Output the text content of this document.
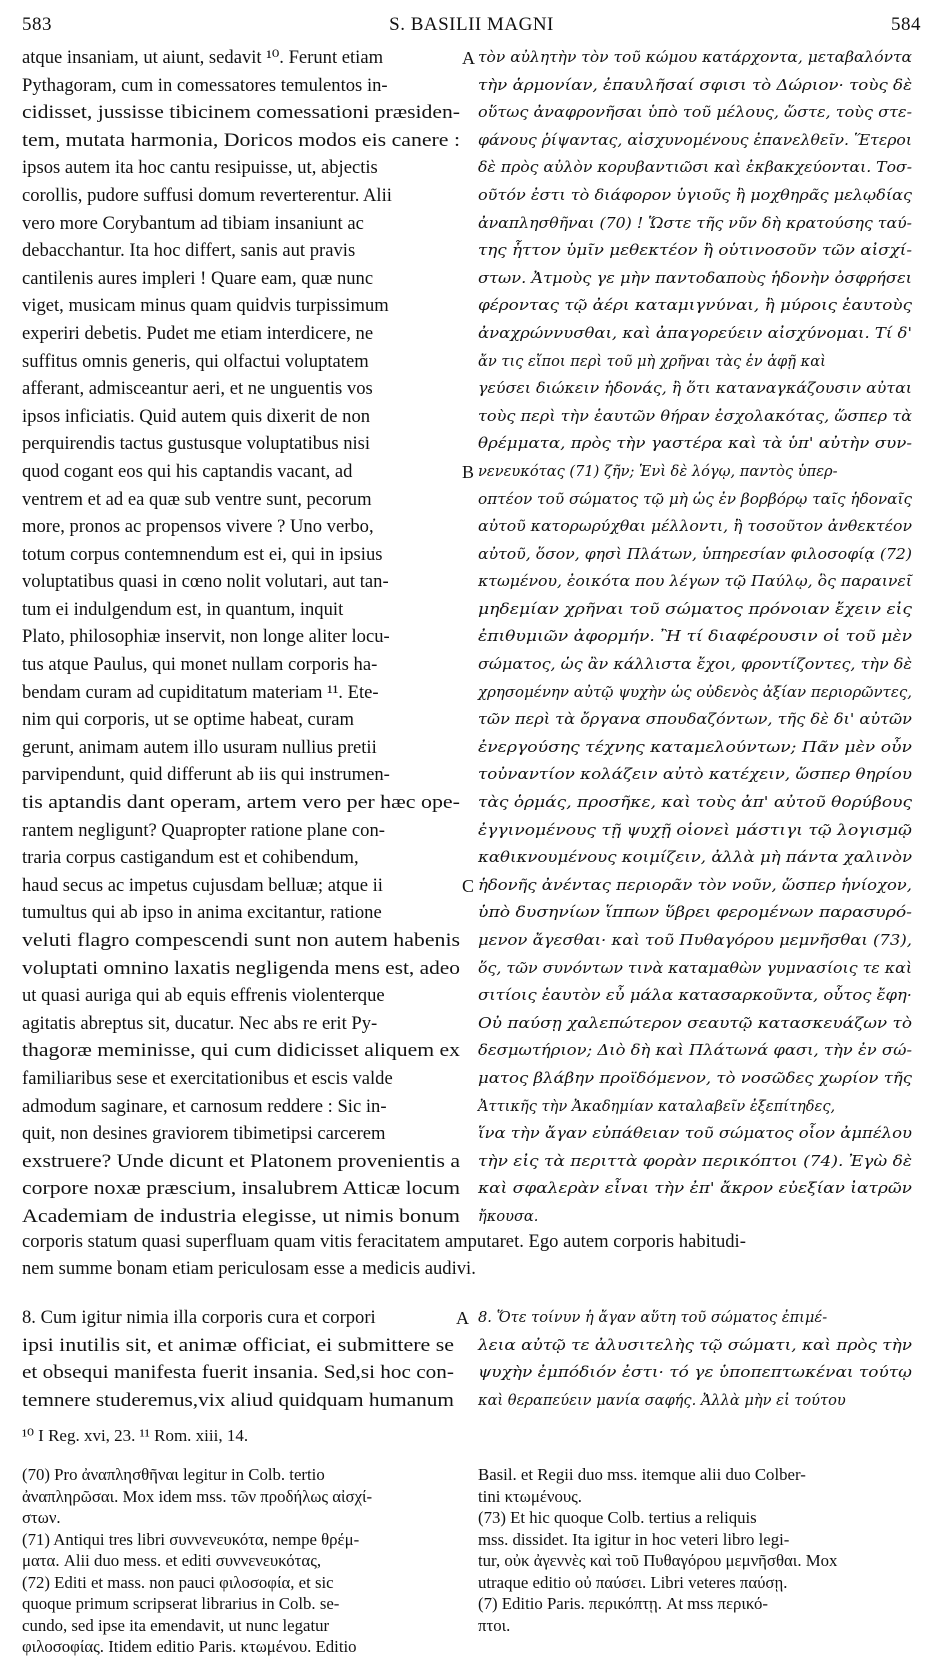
583	S. BASILII MAGNI	584
atque insaniam, ut aiunt, sedavit ¹⁰. Ferunt etiam
Pythagoram, cum in comessatores temulentos in-
cidisset, jussisse tibicinem comessationi præsiden-
tem, mutata harmonia, Doricos modos eis canere :
ipsos autem ita hoc cantu resipuisse, ut, abjectis
corollis, pudore suffusi domum reverterentur. Alii
vero more Corybantum ad tibiam insaniunt ac
debacchantur. Ita hoc differt, sanis aut pravis
cantilenis aures impleri ! Quare eam, quæ nunc
viget, musicam minus quam quidvis turpissimum
experiri debetis. Pudet me etiam interdicere, ne
suffitus omnis generis, qui olfactui voluptatem
afferant, admisceantur aeri, et ne unguentis vos
ipsos inficiatis. Quid autem quis dixerit de non
perquirendis tactus gustusque voluptatibus nisi
quod cogant eos qui his captandis vacant, ad
ventrem et ad ea quæ sub ventre sunt, pecorum
more, pronos ac propensos vivere ? Uno verbo,
totum corpus contemnendum est ei, qui in ipsius
voluptatibus quasi in cœno nolit volutari, aut tan-
tum ei indulgendum est, in quantum, inquit
Plato, philosophiæ inservit, non longe aliter locu-
tus atque Paulus, qui monet nullam corporis ha-
bendam curam ad cupiditatum materiam ¹¹. Ete-
nim qui corporis, ut se optime habeat, curam
gerunt, animam autem illo usuram nullius pretii
parvipendunt, quid differunt ab iis qui instrumen-
tis aptandis dant operam, artem vero per hæc ope-
rantem negligunt? Quapropter ratione plane con-
traria corpus castigandum est et cohibendum,
haud secus ac impetus cujusdam belluæ; atque ii
tumultus qui ab ipso in anima excitantur, ratione
veluti flagro compescendi sunt non autem habenis
voluptati omnino laxatis negligenda mens est, adeo
ut quasi auriga qui ab equis effrenis violenterque
agitatis abreptus sit, ducatur. Nec abs re erit Py-
thagoræ meminisse, qui cum didicisset aliquem ex
familiaribus sese et exercitationibus et escis valde
admodum saginare, et carnosum reddere : Sic in-
quit, non desines graviorem tibimetipsi carcerem
exstruere? Unde dicunt et Platonem provenientis a
corpore noxæ præscium, insalubrem Atticæ locum
Academiam de industria elegisse, ut nimis bonum
τὸν αὐλητὴν τὸν τοῦ κώμου κατάρχοντα, μεταβαλόντα
τὴν ἁρμονίαν, ἐπαυλῆσαί σφισι τὸ Δώριον· τοὺς δὲ
οὕτως ἀναφρονῆσαι ὑπὸ τοῦ μέλους, ὥστε, τοὺς στε-
φάνους ῥίψαντας, αἰσχυνομένους ἐπανελθεῖν. Ἕτεροι
δὲ πρὸς αὐλὸν κορυβαντιῶσι καὶ ἐκβακχεύονται. Τοσ-
οῦτόν ἐστι τὸ διάφορον ὑγιοῦς ἢ μοχθηρᾶς μελῳδίας
ἀναπλησθῆναι (70) ! Ὥστε τῆς νῦν δὴ κρατούσης ταύ-
της ἧττον ὑμῖν μεθεκτέον ἢ οὑτινοσοῦν τῶν αἰσχί-
στων. Ἀτμοὺς γε μὴν παντοδαποὺς ἡδονὴν ὀσφρήσει
φέροντας τῷ ἀέρι καταμιγνύναι, ἢ μύροις ἑαυτοὺς
ἀναχρώννυσθαι, καὶ ἀπαγορεύειν αἰσχύνομαι. Τί δ'
ἄν τις εἴποι περὶ τοῦ μὴ χρῆναι τὰς ἐν ἁφῇ καὶ
γεύσει διώκειν ἡδονάς, ἢ ὅτι καταναγκάζουσιν αὐται
τοὺς περὶ τὴν ἑαυτῶν θήραν ἐσχολακότας, ὥσπερ τὰ
θρέμματα, πρὸς τὴν γαστέρα καὶ τὰ ὑπ' αὐτὴν συν-
νενευκότας (71) ζῆν; Ἑνὶ δὲ λόγῳ, παντὸς ὑπερ-
οπτέον τοῦ σώματος τῷ μὴ ὡς ἐν βορβόρῳ ταῖς ἡδοναῖς
αὐτοῦ κατορωρύχθαι μέλλοντι, ἢ τοσοῦτον ἀνθεκτέον
αὐτοῦ, ὅσον, φησὶ Πλάτων, ὑπηρεσίαν φιλοσοφίᾳ (72)
κτωμένου, ἐοικότα που λέγων τῷ Παύλῳ, ὃς παραινεῖ
μηδεμίαν χρῆναι τοῦ σώματος πρόνοιαν ἔχειν εἰς
ἐπιθυμιῶν ἀφορμήν. Ἢ τί διαφέρουσιν οἱ τοῦ μὲν
σώματος, ὡς ἂν κάλλιστα ἔχοι, φροντίζοντες, τὴν δὲ
χρησομένην αὐτῷ ψυχὴν ὡς οὐδενὸς ἀξίαν περιορῶντες,
τῶν περὶ τὰ ὄργανα σπουδαζόντων, τῆς δὲ δι' αὐτῶν
ἐνεργούσης τέχνης καταμελούντων; Πᾶν μὲν οὖν
τοὐναντίον κολάζειν αὐτὸ κατέχειν, ὥσπερ θηρίου
τὰς ὁρμάς, προσῆκε, καὶ τοὺς ἀπ' αὐτοῦ θορύβους
ἐγγινομένους τῇ ψυχῇ οἱονεὶ μάστιγι τῷ λογισμῷ
καθικνουμένους κοιμίζειν, ἀλλὰ μὴ πάντα χαλινὸν
ἡδονῆς ἀνέντας περιορᾶν τὸν νοῦν, ὥσπερ ἡνίοχον,
ὑπὸ δυσηνίων ἵππων ὕβρει φερομένων παρασυρό-
μενον ἄγεσθαι· καὶ τοῦ Πυθαγόρου μεμνῆσθαι (73),
ὅς, τῶν συνόντων τινὰ καταμαθὼν γυμνασίοις τε καὶ
σιτίοις ἑαυτὸν εὖ μάλα κατασαρκοῦντα, οὗτος ἔφη·
Οὐ παύσῃ χαλεπώτερον σεαυτῷ κατασκευάζων τὸ
δεσμωτήριον; Διὸ δὴ καὶ Πλάτωνά φασι, τὴν ἐν σώ-
ματος βλάβην προϊδόμενον, τὸ νοσῶδες χωρίον τῆς
Ἀττικῆς τὴν Ἀκαδημίαν καταλαβεῖν ἐξεπίτηδες,
ἵνα τὴν ἄγαν εὐπάθειαν τοῦ σώματος οἷον ἀμπέλου
τὴν εἰς τὰ περιττὰ φορὰν περικόπτοι (74). Ἐγὼ δὲ
καὶ σφαλερὰν εἶναι τὴν ἐπ' ἄκρον εὐεξίαν ἰατρῶν
ἤκουσα.
A
B
C
corporis statum quasi superfluam quam vitis feracitatem amputaret. Ego autem corporis habitudi-
nem summe bonam etiam periculosam esse a medicis audivi.
8. Cum igitur nimia illa corporis cura et corpori
ipsi inutilis sit, et animæ officiat, ei submittere se
et obsequi manifesta fuerit insania. Sed,si hoc con-
temnere studeremus,vix aliud quidquam humanum
A 8. Ὅτε τοίνυν ἡ ἄγαν αὕτη τοῦ σώματος ἐπιμέ-
λεια αὐτῷ τε ἀλυσιτελὴς τῷ σώματι, καὶ πρὸς τὴν
ψυχὴν ἐμπόδιόν ἐστι· τό γε ὑποπεπτωκέναι τούτῳ
καὶ θεραπεύειν μανία σαφής. Ἀλλὰ μὴν εἰ τούτου
¹⁰ I Reg. xvi, 23. ¹¹ Rom. xiii, 14.
(70) Pro ἀναπλησθῆναι legitur in Colb. tertio
ἀναπληρῶσαι. Mox idem mss. τῶν προδήλως αἰσχί-
στων.
(71) Antiqui tres libri συννενευκότα, nempe θρέμ-
ματα. Alii duo mess. et editi συννενευκότας,
(72) Editi et mass. non pauci φιλοσοφία, et sic
quoque primum scripserat librarius in Colb. se-
cundo, sed ipse ita emendavit, ut nunc legatur
φιλοσοφίας. Itidem editio Paris. κτωμένου. Editio
Basil. et Regii duo mss. itemque alii duo Colber-
tini κτωμένους.
(73) Et hic quoque Colb. tertius a reliquis
mss. dissidet. Ita igitur in hoc veteri libro legi-
tur, οὐκ ἀγεννὲς καὶ τοῦ Πυθαγόρου μεμνῆσθαι. Mox
utraque editio οὐ παύσει. Libri veteres παύσῃ.
(7) Editio Paris. περικόπτῃ. At mss περικό-
πτοι.
